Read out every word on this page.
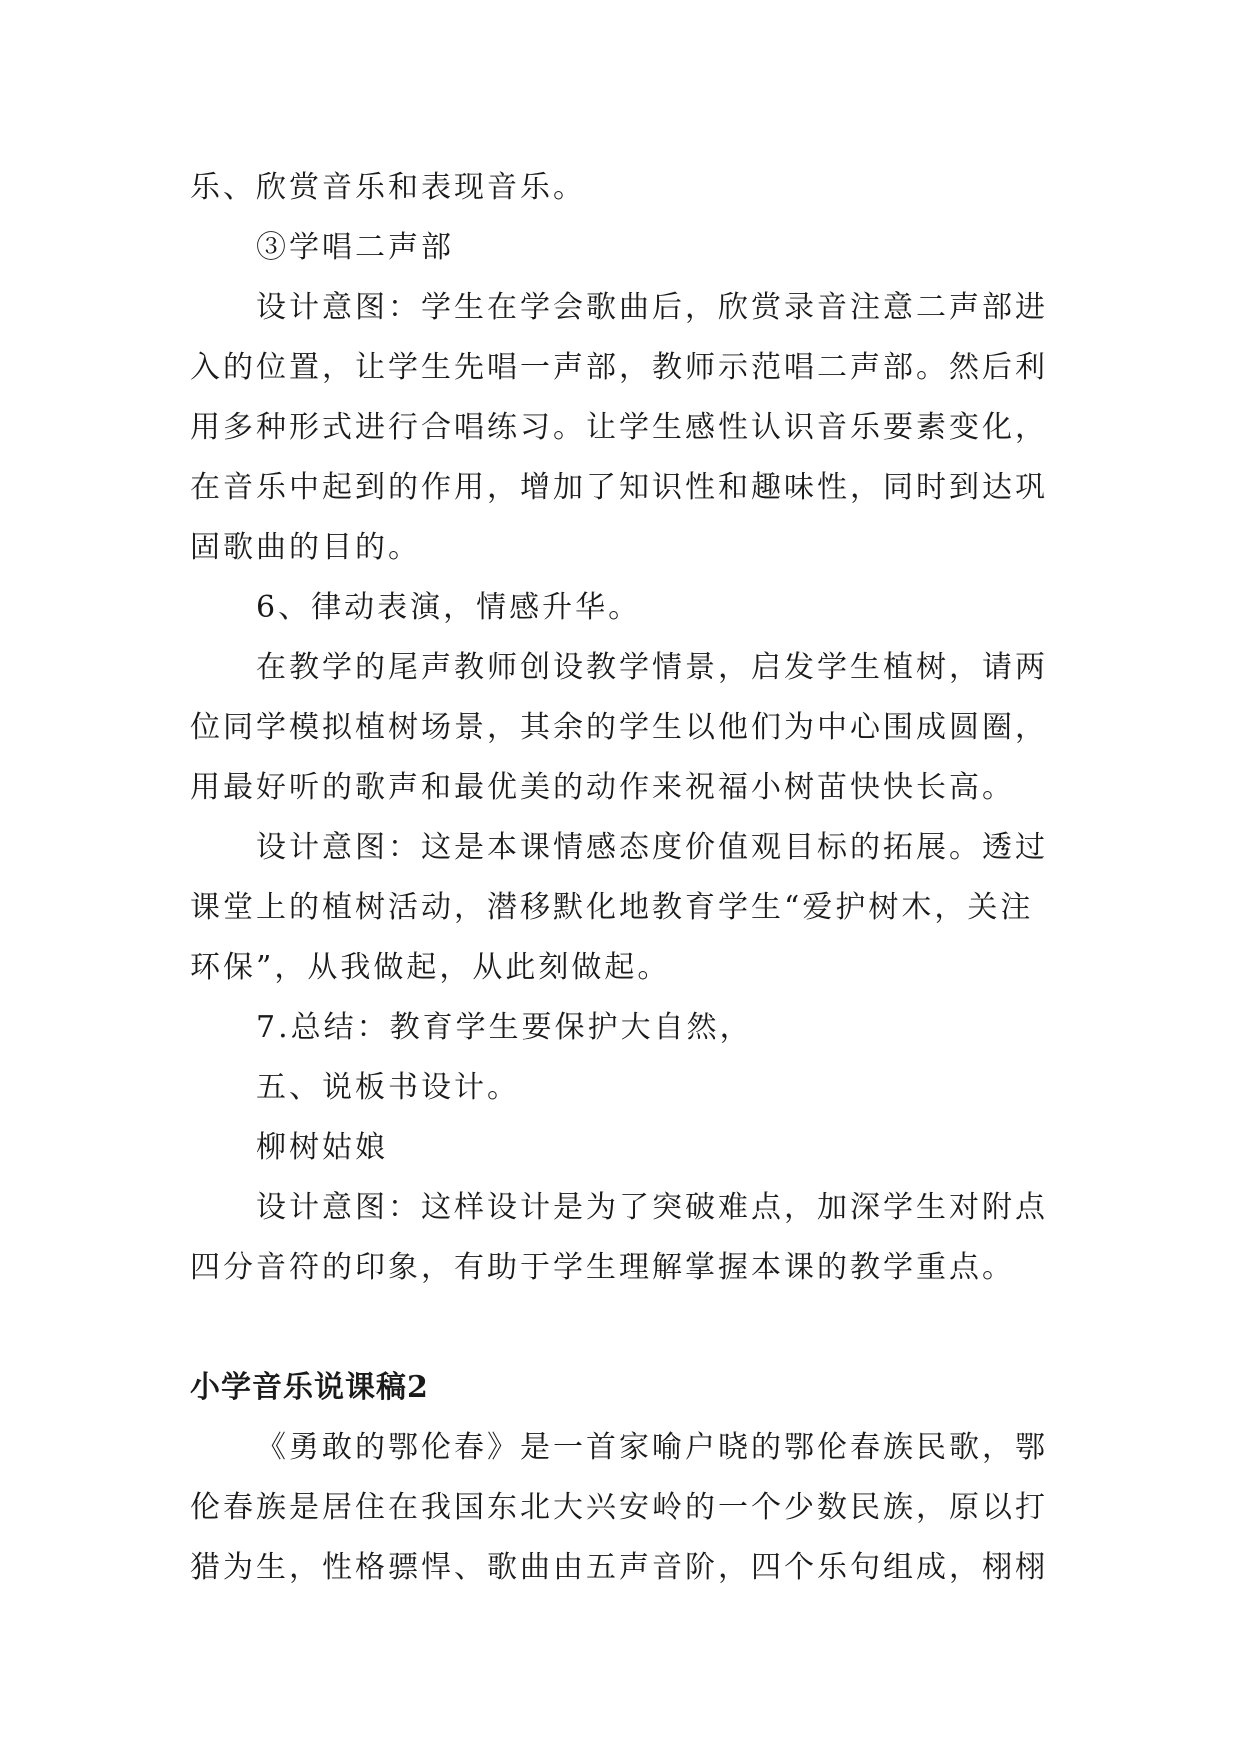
乐、欣赏音乐和表现音乐。

③学唱二声部

设计意图：学生在学会歌曲后，欣赏录音注意二声部进
入的位置，让学生先唱一声部，教师示范唱二声部。然后利
用多种形式进行合唱练习。让学生感性认识音乐要素变化，
在音乐中起到的作用，增加了知识性和趣味性，同时到达巩
固歌曲的目的。

6、律动表演，情感升华。

在教学的尾声教师创设教学情景，启发学生植树，请两
位同学模拟植树场景，其余的学生以他们为中心围成圆圈，
用最好听的歌声和最优美的动作来祝福小树苗快快长高。

设计意图：这是本课情感态度价值观目标的拓展。透过
课堂上的植树活动，潜移默化地教育学生“爱护树木，关注
环保”，从我做起，从此刻做起。

7.总结：教育学生要保护大自然，

五、说板书设计。

柳树姑娘

设计意图：这样设计是为了突破难点，加深学生对附点
四分音符的印象，有助于学生理解掌握本课的教学重点。

小学音乐说课稿2

《勇敢的鄂伦春》是一首家喻户晓的鄂伦春族民歌，鄂
伦春族是居住在我国东北大兴安岭的一个少数民族，原以打
猎为生，性格骠悍、歌曲由五声音阶，四个乐句组成，栩栩
